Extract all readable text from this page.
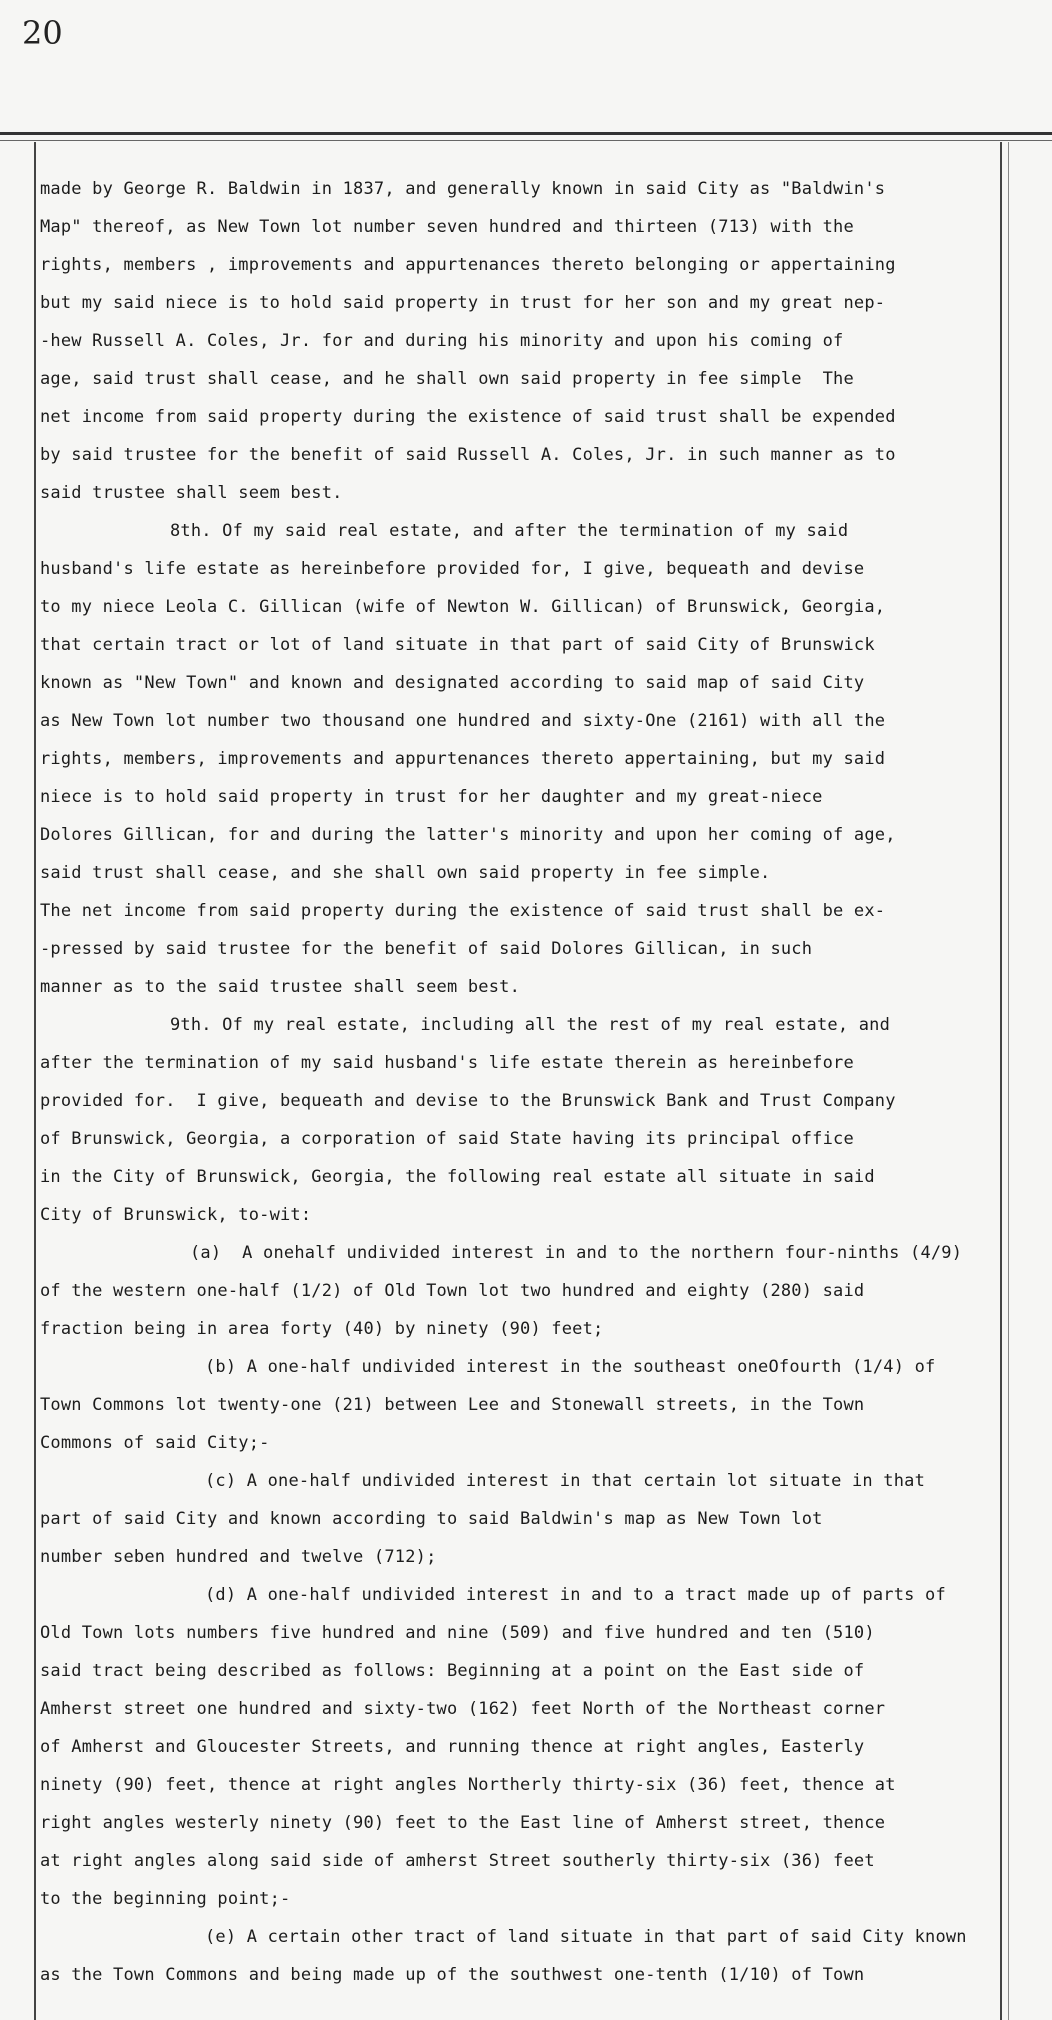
20
made by George R. Baldwin in 1837, and generally known in said City as "Baldwin's
Map" thereof, as New Town lot number seven hundred and thirteen (713) with the
rights, members , improvements and appurtenances thereto belonging or appertaining
but my said niece is to hold said property in trust for her son and my great nep-
-hew Russell A. Coles, Jr. for and during his minority and upon his coming of
age, said trust shall cease, and he shall own said property in fee simple  The
net income from said property during the existence of said trust shall be expended
by said trustee for the benefit of said Russell A. Coles, Jr. in such manner as to
said trustee shall seem best.
8th. Of my said real estate, and after the termination of my said
husband's life estate as hereinbefore provided for, I give, bequeath and devise
to my niece Leola C. Gillican (wife of Newton W. Gillican) of Brunswick, Georgia,
that certain tract or lot of land situate in that part of said City of Brunswick
known as "New Town" and known and designated according to said map of said City
as New Town lot number two thousand one hundred and sixty-One (2161) with all the
rights, members, improvements and appurtenances thereto appertaining, but my said
niece is to hold said property in trust for her daughter and my great-niece
Dolores Gillican, for and during the latter's minority and upon her coming of age,
said trust shall cease, and she shall own said property in fee simple.
The net income from said property during the existence of said trust shall be ex-
-pressed by said trustee for the benefit of said Dolores Gillican, in such
manner as to the said trustee shall seem best.
9th. Of my real estate, including all the rest of my real estate, and
after the termination of my said husband's life estate therein as hereinbefore
provided for.  I give, bequeath and devise to the Brunswick Bank and Trust Company
of Brunswick, Georgia, a corporation of said State having its principal office
in the City of Brunswick, Georgia, the following real estate all situate in said
City of Brunswick, to-wit:
(a)  A onehalf undivided interest in and to the northern four-ninths (4/9)
of the western one-half (1/2) of Old Town lot two hundred and eighty (280) said
fraction being in area forty (40) by ninety (90) feet;
(b) A one-half undivided interest in the southeast oneOfourth (1/4) of
Town Commons lot twenty-one (21) between Lee and Stonewall streets, in the Town
Commons of said City;-
(c) A one-half undivided interest in that certain lot situate in that
part of said City and known according to said Baldwin's map as New Town lot
number seben hundred and twelve (712);
(d) A one-half undivided interest in and to a tract made up of parts of
Old Town lots numbers five hundred and nine (509) and five hundred and ten (510)
said tract being described as follows: Beginning at a point on the East side of
Amherst street one hundred and sixty-two (162) feet North of the Northeast corner
of Amherst and Gloucester Streets, and running thence at right angles, Easterly
ninety (90) feet, thence at right angles Northerly thirty-six (36) feet, thence at
right angles westerly ninety (90) feet to the East line of Amherst street, thence
at right angles along said side of amherst Street southerly thirty-six (36) feet
to the beginning point;-
(e) A certain other tract of land situate in that part of said City known
as the Town Commons and being made up of the southwest one-tenth (1/10) of Town
